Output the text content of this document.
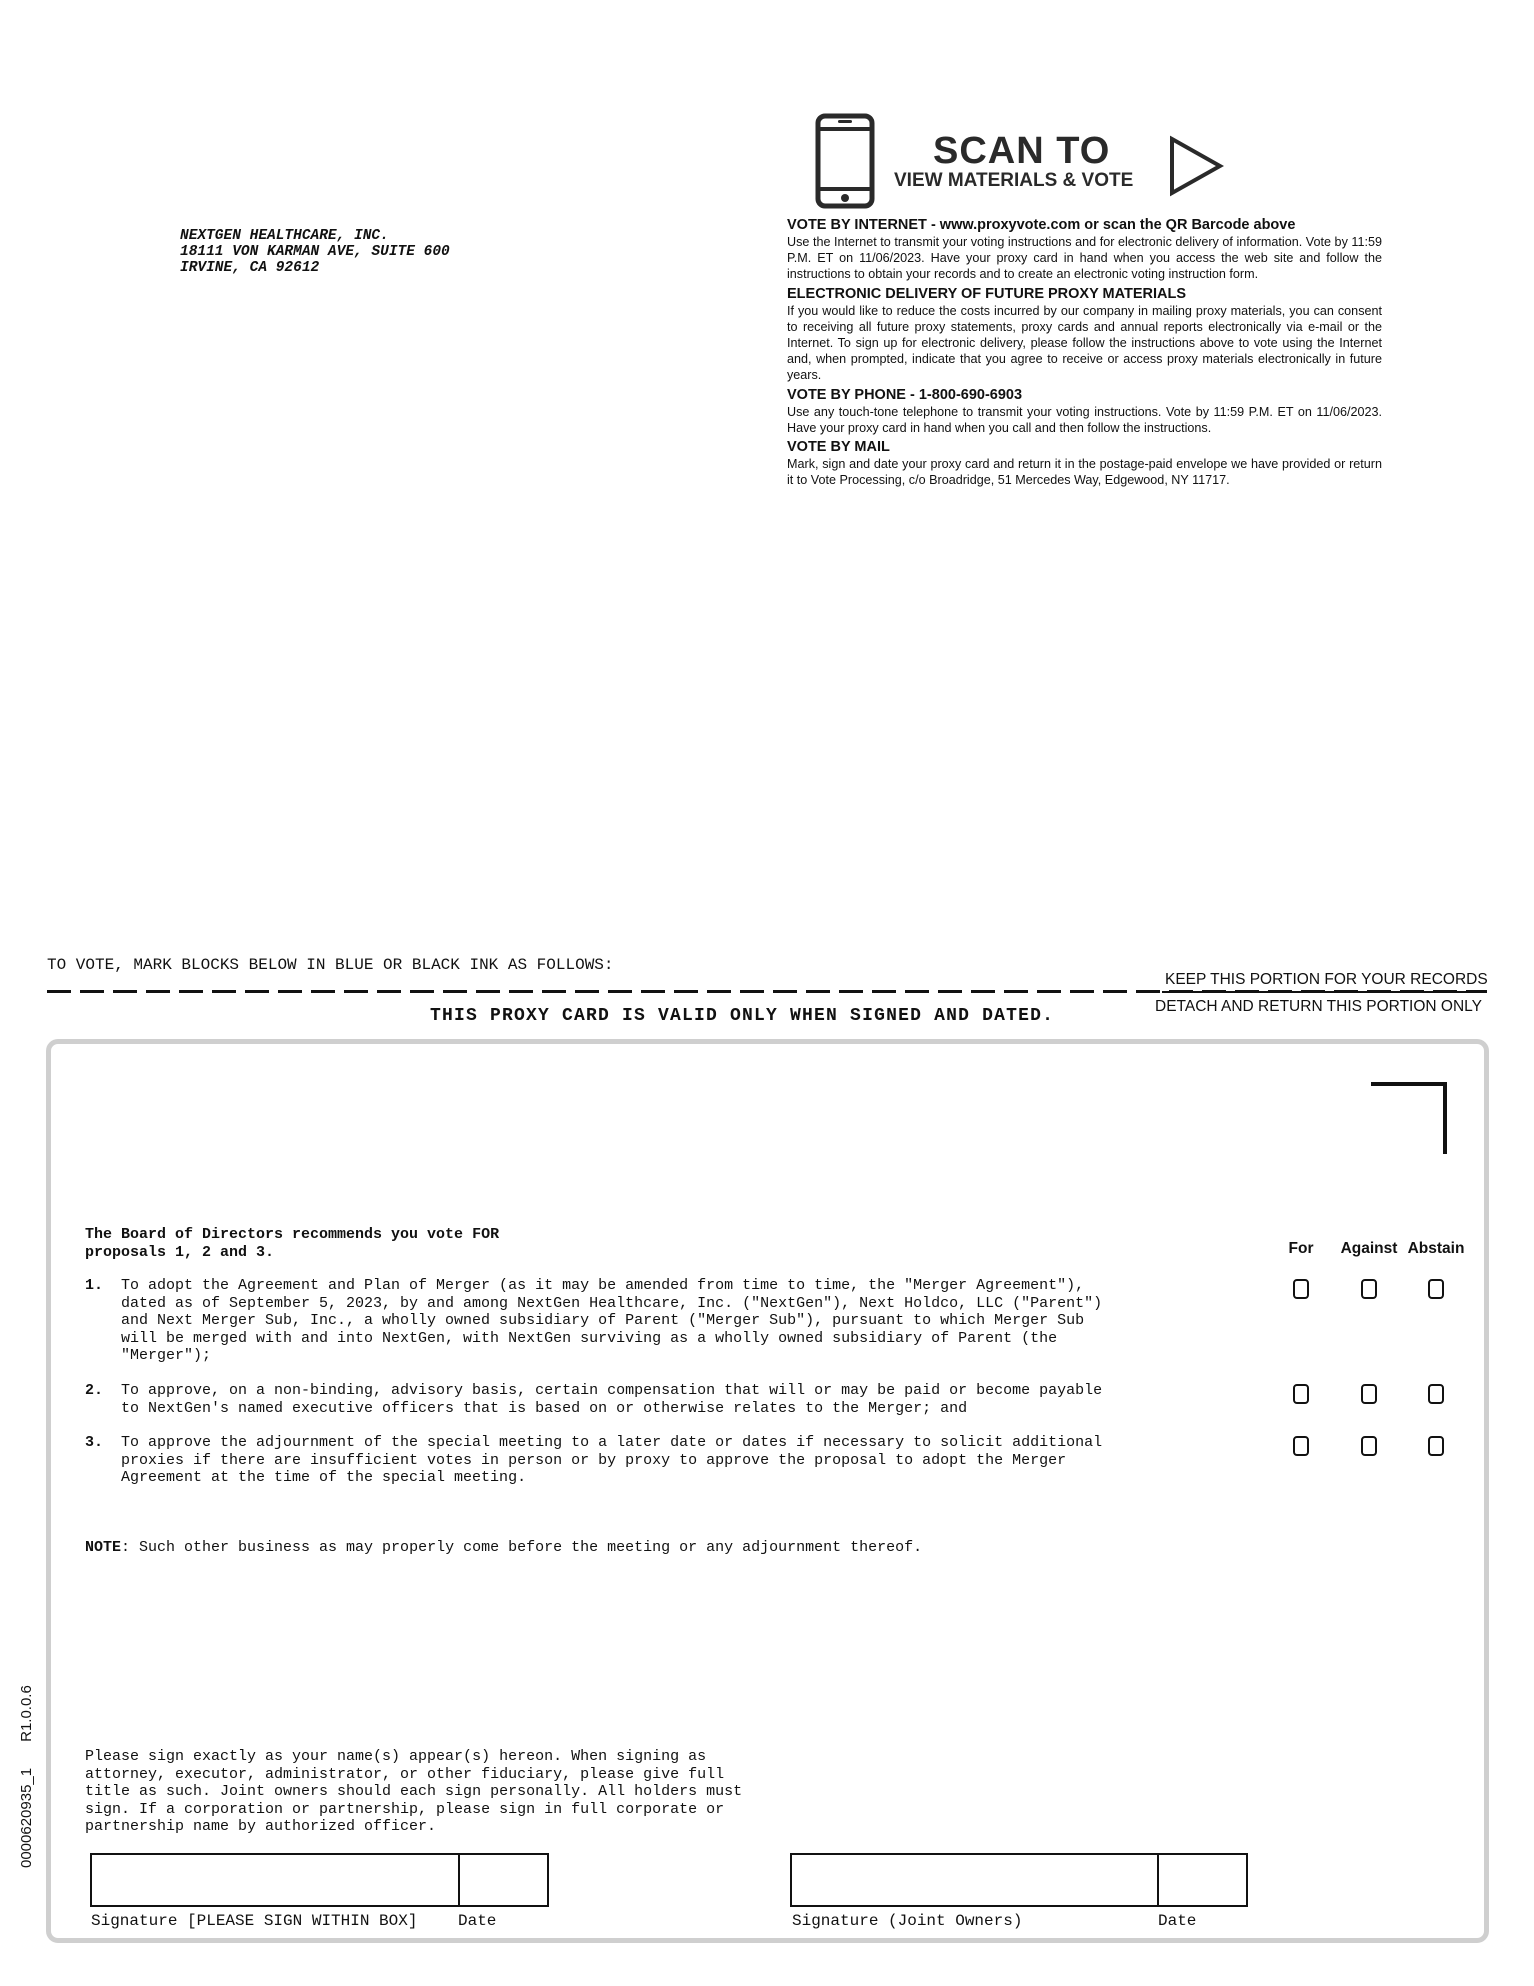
NEXTGEN HEALTHCARE, INC.
18111 VON KARMAN AVE, SUITE 600
IRVINE, CA 92612
SCAN TO
VIEW MATERIALS & VOTE
VOTE BY INTERNET - www.proxyvote.com or scan the QR Barcode above
Use the Internet to transmit your voting instructions and for electronic delivery of information. Vote by 11:59 P.M. ET on 11/06/2023. Have your proxy card in hand when you access the web site and follow the instructions to obtain your records and to create an electronic voting instruction form.
ELECTRONIC DELIVERY OF FUTURE PROXY MATERIALS
If you would like to reduce the costs incurred by our company in mailing proxy materials, you can consent to receiving all future proxy statements, proxy cards and annual reports electronically via e-mail or the Internet. To sign up for electronic delivery, please follow the instructions above to vote using the Internet and, when prompted, indicate that you agree to receive or access proxy materials electronically in future years.
VOTE BY PHONE - 1-800-690-6903
Use any touch-tone telephone to transmit your voting instructions. Vote by 11:59 P.M. ET on 11/06/2023. Have your proxy card in hand when you call and then follow the instructions.
VOTE BY MAIL
Mark, sign and date your proxy card and return it in the postage-paid envelope we have provided or return it to Vote Processing, c/o Broadridge, 51 Mercedes Way, Edgewood, NY 11717.
TO VOTE, MARK BLOCKS BELOW IN BLUE OR BLACK INK AS FOLLOWS:
KEEP THIS PORTION FOR YOUR RECORDS
THIS PROXY CARD IS VALID ONLY WHEN SIGNED AND DATED.	DETACH AND RETURN THIS PORTION ONLY
The Board of Directors recommends you vote FOR
proposals 1, 2 and 3.	For	Against Abstain
1. To adopt the Agreement and Plan of Merger (as it may be amended from time to time, the "Merger Agreement"),
dated as of September 5, 2023, by and among NextGen Healthcare, Inc. ("NextGen"), Next Holdco, LLC ("Parent")
and Next Merger Sub, Inc., a wholly owned subsidiary of Parent ("Merger Sub"), pursuant to which Merger Sub
will be merged with and into NextGen, with NextGen surviving as a wholly owned subsidiary of Parent (the
"Merger");
2. To approve, on a non-binding, advisory basis, certain compensation that will or may be paid or become payable
to NextGen's named executive officers that is based on or otherwise relates to the Merger; and
3. To approve the adjournment of the special meeting to a later date or dates if necessary to solicit additional
proxies if there are insufficient votes in person or by proxy to approve the proposal to adopt the Merger
Agreement at the time of the special meeting.
NOTE: Such other business as may properly come before the meeting or any adjournment thereof.
Please sign exactly as your name(s) appear(s) hereon. When signing as
attorney, executor, administrator, or other fiduciary, please give full
title as such. Joint owners should each sign personally. All holders must
sign. If a corporation or partnership, please sign in full corporate or
partnership name by authorized officer.
Signature [PLEASE SIGN WITHIN BOX]	Date	Signature (Joint Owners)	Date
0000620935_1R1.0.0.6
